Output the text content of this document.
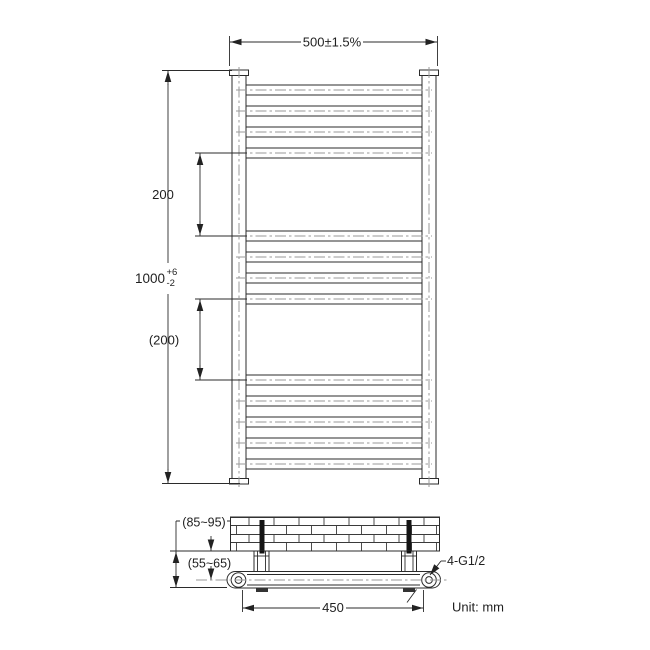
500±1.5%
1000 +6
-2
200
(200)
(85~95)
(55~65)
450
4-G1/2
Unit: mm
